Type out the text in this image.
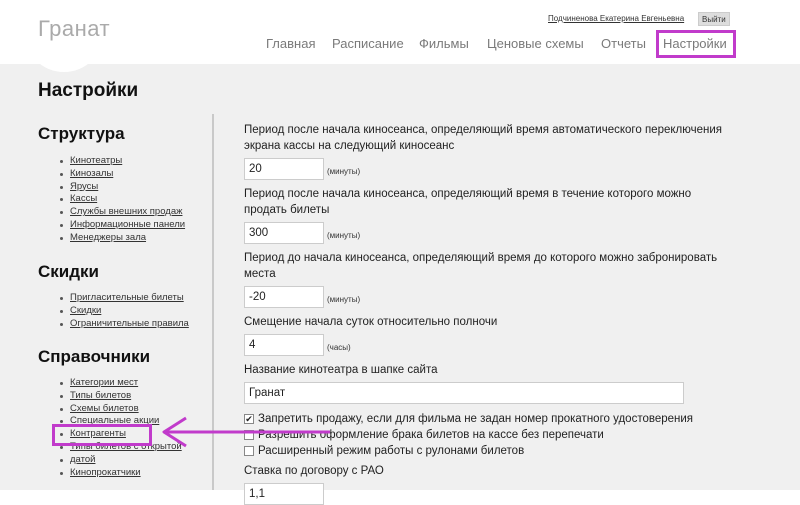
Гранат	Подчиненова Екатерина Евгеньевна	Выйти
Главная Расписание Фильмы Ценовые схемы Отчеты Настройки
Настройки
Структура
Кинотеатры
Кинозалы
Ярусы
Кассы
Службы внешних продаж
Информационные панели
Менеджеры зала
Скидки
Пригласительные билеты
Скидки
Ограничительные правила
Справочники
Категории мест
Типы билетов
Схемы билетов
Специальные акции
Контрагенты
Типы билетов с открытой
датой
Кинопрокатчики
Период после начала киносеанса, определяющий время автоматического переключения экрана кассы на следующий киносеанс
20	(минуты)
Период после начала киносеанса, определяющий время в течение которого можно продать билеты
300	(минуты)
Период до начала киносеанса, определяющий время до которого можно забронировать места
-20	(минуты)
Смещение начала суток относительно полночи
4	(часы)
Название кинотеатра в шапке сайта
Гранат
✔ Запретить продажу, если для фильма не задан номер прокатного удостоверения
Разрешить оформление брака билетов на кассе без перепечати
Расширенный режим работы с рулонами билетов
Ставка по договору с РАО
1,1
